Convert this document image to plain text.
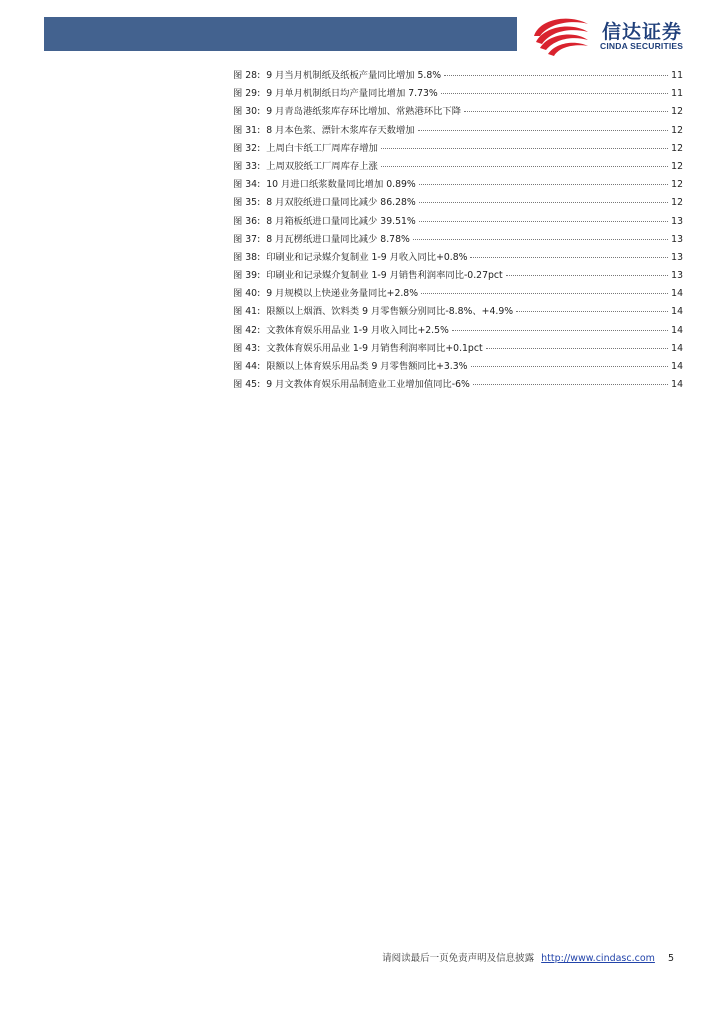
信达证券
CINDA SECURITIES
图 28: 9 月当月机制纸及纸板产量同比增加 5.8%	11
图 29: 9 月单月机制纸日均产量同比增加 7.73%	11
图 30: 9 月青岛港纸浆库存环比增加、常熟港环比下降	12
图 31: 8 月本色浆、漂针木浆库存天数增加	12
图 32: 上周白卡纸工厂周库存增加	12
图 33: 上周双胶纸工厂周库存上涨	12
图 34: 10 月进口纸浆数量同比增加 0.89%	12
图 35: 8 月双胶纸进口量同比减少 86.28%	12
图 36: 8 月箱板纸进口量同比减少 39.51%	13
图 37: 8 月瓦楞纸进口量同比减少 8.78%	13
图 38: 印刷业和记录媒介复制业 1-9 月收入同比+0.8%	13
图 39: 印刷业和记录媒介复制业 1-9 月销售利润率同比-0.27pct	13
图 40: 9 月规模以上快递业务量同比+2.8%	14
图 41: 限额以上烟酒、饮料类 9 月零售额分别同比-8.8%、+4.9%	14
图 42: 文教体育娱乐用品业 1-9 月收入同比+2.5%	14
图 43: 文教体育娱乐用品业 1-9 月销售利润率同比+0.1pct	14
图 44: 限额以上体育娱乐用品类 9 月零售额同比+3.3%	14
图 45: 9 月文教体育娱乐用品制造业工业增加值同比-6%	14
请阅读最后一页免责声明及信息披露 http://www.cindasc.com 5
